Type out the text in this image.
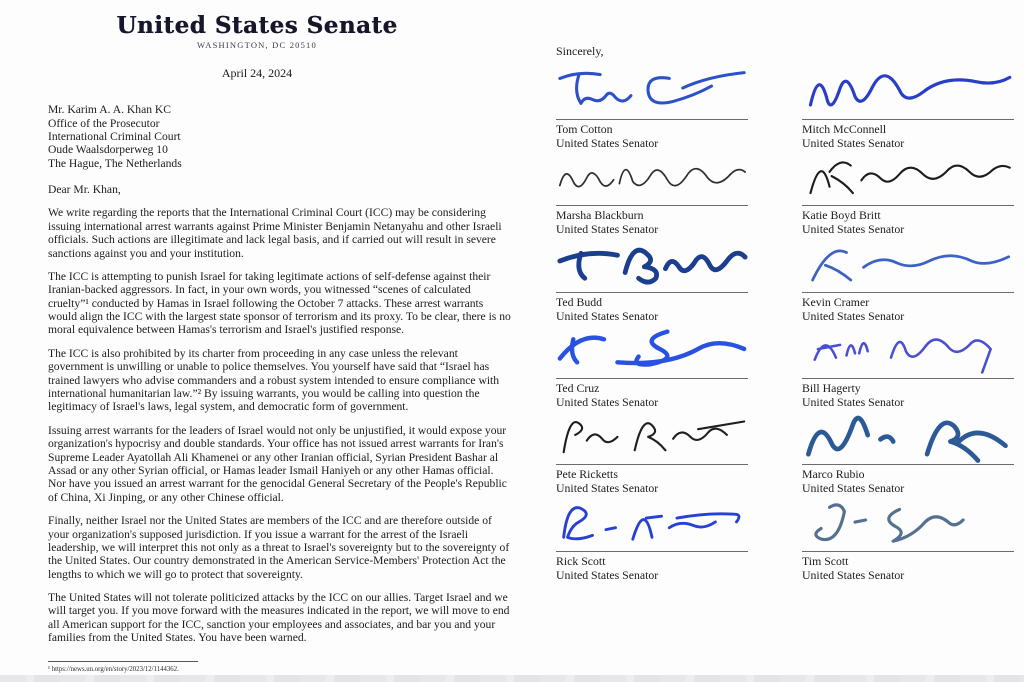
United States Senate
WASHINGTON, DC 20510
April 24, 2024
Mr. Karim A. A. Khan KC
Office of the Prosecutor
International Criminal Court
Oude Waalsdorperweg 10
The Hague, The Netherlands
Dear Mr. Khan,

We write regarding the reports that the International Criminal Court (ICC) may be considering issuing international arrest warrants against Prime Minister Benjamin Netanyahu and other Israeli officials. Such actions are illegitimate and lack legal basis, and if carried out will result in severe sanctions against you and your institution.

The ICC is attempting to punish Israel for taking legitimate actions of self-defense against their Iranian-backed aggressors. In fact, in your own words, you witnessed “scenes of calculated cruelty”¹ conducted by Hamas in Israel following the October 7 attacks. These arrest warrants would align the ICC with the largest state sponsor of terrorism and its proxy. To be clear, there is no moral equivalence between Hamas's terrorism and Israel's justified response.

The ICC is also prohibited by its charter from proceeding in any case unless the relevant government is unwilling or unable to police themselves. You yourself have said that “Israel has trained lawyers who advise commanders and a robust system intended to ensure compliance with international humanitarian law.”² By issuing warrants, you would be calling into question the legitimacy of Israel's laws, legal system, and democratic form of government.

Issuing arrest warrants for the leaders of Israel would not only be unjustified, it would expose your organization's hypocrisy and double standards. Your office has not issued arrest warrants for Iran's Supreme Leader Ayatollah Ali Khamenei or any other Iranian official, Syrian President Bashar al Assad or any other Syrian official, or Hamas leader Ismail Haniyeh or any other Hamas official. Nor have you issued an arrest warrant for the genocidal General Secretary of the People's Republic of China, Xi Jinping, or any other Chinese official.

Finally, neither Israel nor the United States are members of the ICC and are therefore outside of your organization's supposed jurisdiction. If you issue a warrant for the arrest of the Israeli leadership, we will interpret this not only as a threat to Israel's sovereignty but to the sovereignty of the United States. Our country demonstrated in the American Service-Members' Protection Act the lengths to which we will go to protect that sovereignty.

The United States will not tolerate politicized attacks by the ICC on our allies. Target Israel and we will target you. If you move forward with the measures indicated in the report, we will move to end all American support for the ICC, sanction your employees and associates, and bar you and your families from the United States. You have been warned.

¹ https://news.un.org/en/story/2023/12/1144362.
Sincerely,
Tom Cotton
United States Senator
Mitch McConnell
United States Senator
Marsha Blackburn
United States Senator
Katie Boyd Britt
United States Senator
Ted Budd
United States Senator
Kevin Cramer
United States Senator
Ted Cruz
United States Senator
Bill Hagerty
United States Senator
Pete Ricketts
United States Senator
Marco Rubio
United States Senator
Rick Scott
United States Senator
Tim Scott
United States Senator
